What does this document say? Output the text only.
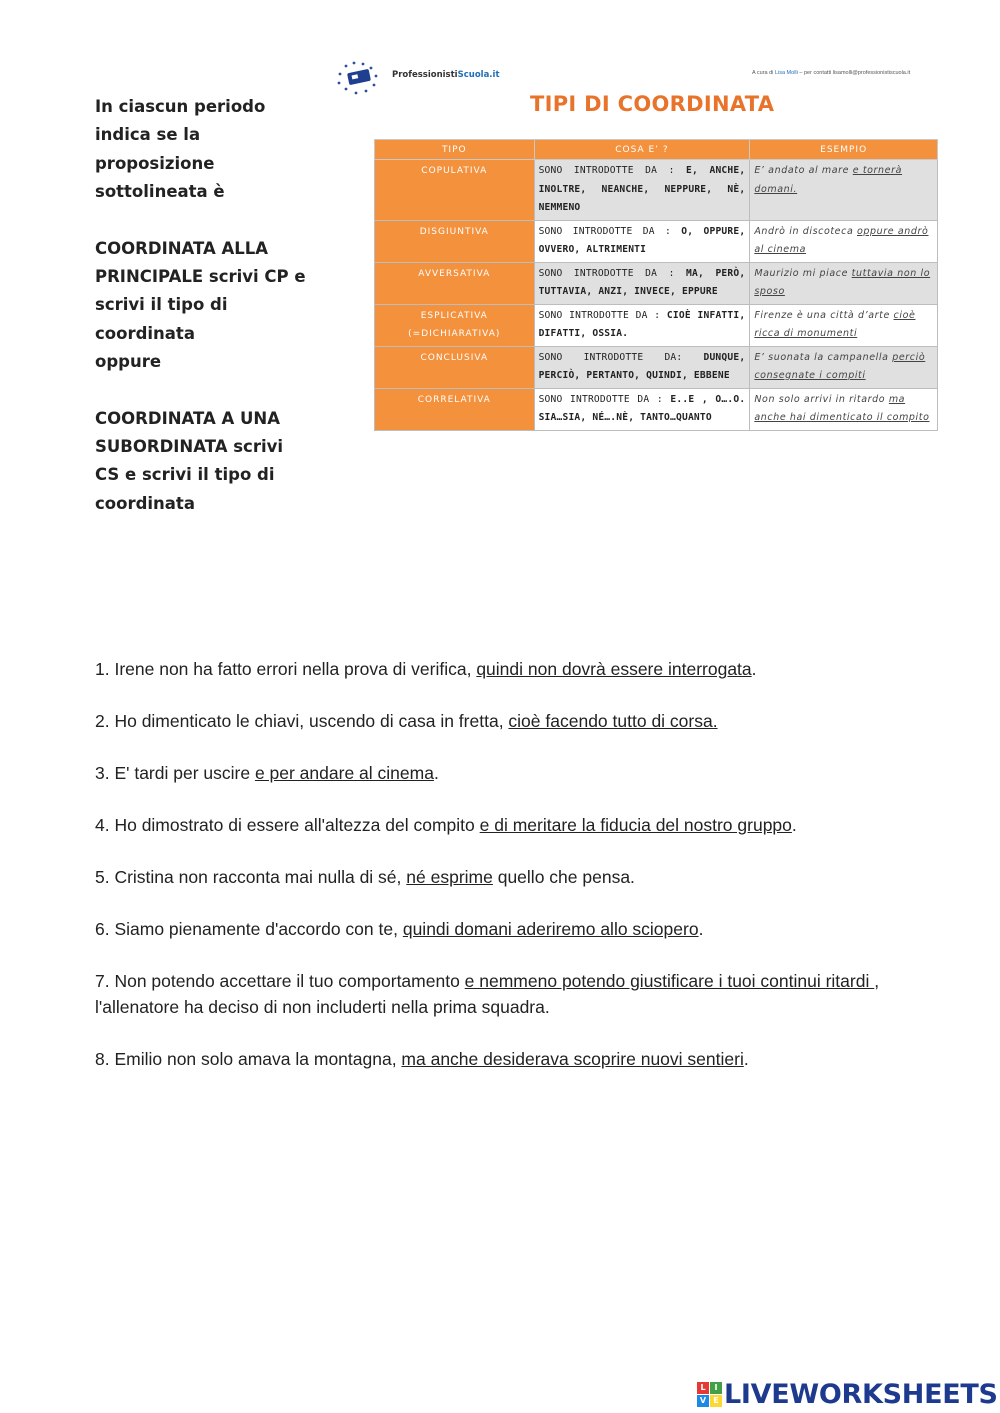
In ciascun periodo indica se la proposizione sottolineata è

COORDINATA ALLA PRINCIPALE scrivi CP e scrivi il tipo di coordinata

oppure

COORDINATA A UNA SUBORDINATA scrivi CS e scrivi il tipo di coordinata

ProfessionistiScuola.it	A cura di Lisa Molli – per contatti lisamolli@professionistiscuola.it
TIPI DI COORDINATA
TIPO	COSA E’ ?	ESEMPIO
COPULATIVA	SONO INTRODOTTE DA : E, ANCHE, INOLTRE, NEANCHE, NEPPURE, NÈ, NEMMENO	E’ andato al mare e tornerà domani.
DISGIUNTIVA	SONO INTRODOTTE DA : O, OPPURE, OVVERO, ALTRIMENTI	Andrò in discoteca oppure andrò al cinema
AVVERSATIVA	SONO INTRODOTTE DA : MA, PERÒ, TUTTAVIA, ANZI, INVECE, EPPURE	Maurizio mi piace tuttavia non lo sposo
ESPLICATIVA
(=DICHIARATIVA)	SONO INTRODOTTE DA : CIOÈ INFATTI, DIFATTI, OSSIA.	Firenze è una città d’arte cioè ricca di monumenti
CONCLUSIVA	SONO INTRODOTTE DA: DUNQUE, PERCIÒ, PERTANTO, QUINDI, EBBENE	E’ suonata la campanella perciò consegnate i compiti
CORRELATIVA	SONO INTRODOTTE DA : E..E , O….O. SIA…SIA, NÉ….NÈ, TANTO…QUANTO	Non solo arrivi in ritardo ma anche hai dimenticato il compito

1. Irene non ha fatto errori nella prova di verifica, quindi non dovrà essere interrogata.

2. Ho dimenticato le chiavi, uscendo di casa in fretta, cioè facendo tutto di corsa.

3. E' tardi per uscire e per andare al cinema.

4. Ho dimostrato di essere all'altezza del compito e di meritare la fiducia del nostro gruppo.

5. Cristina non racconta mai nulla di sé, né esprime quello che pensa.

6. Siamo pienamente d'accordo con te, quindi domani aderiremo allo sciopero.

7. Non potendo accettare il tuo comportamento e nemmeno potendo giustificare i tuoi continui ritardi , l'allenatore ha deciso di non includerti nella prima squadra.

8. Emilio non solo amava la montagna, ma anche desiderava scoprire nuovi sentieri.

L	I
V E LIVEWORKSHEETS
